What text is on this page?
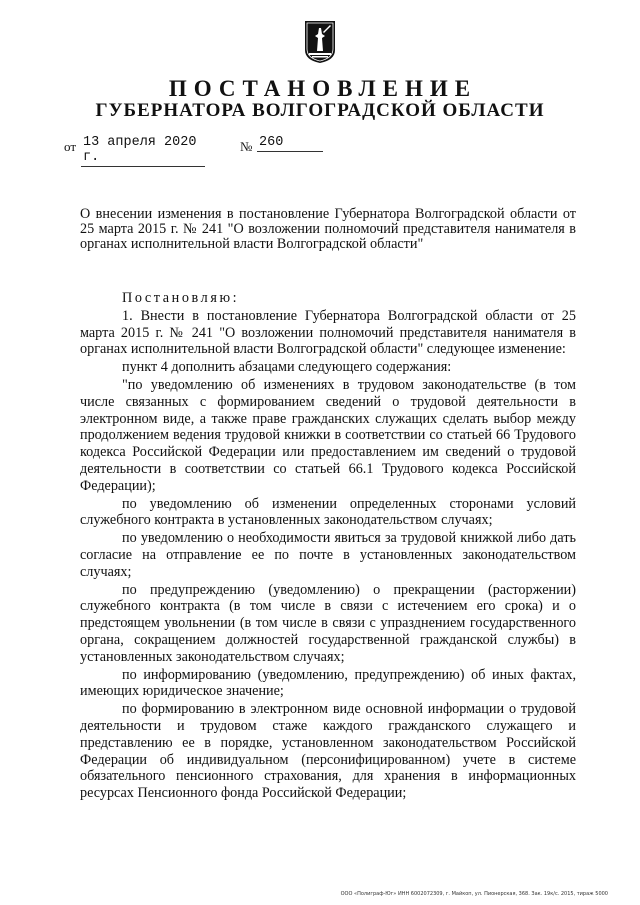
ПОСТАНОВЛЕНИЕ
ГУБЕРНАТОРА ВОЛГОГРАДСКОЙ ОБЛАСТИ
от 13 апреля 2020 г.
№ 260
О внесении изменения в постановление Губернатора Волгоградской области от 25 марта 2015 г. № 241 "О возложении полномочий представителя нанимателя в органах исполнительной власти Волгоградской области"
Постановляю:
1. Внести в постановление Губернатора Волгоградской области от 25 марта 2015 г. № 241 "О возложении полномочий представителя нанимателя в органах исполнительной власти Волгоградской области" следующее изменение:
пункт 4 дополнить абзацами следующего содержания:
"по уведомлению об изменениях в трудовом законодательстве (в том числе связанных с формированием сведений о трудовой деятельности в электронном виде, а также праве гражданских служащих сделать выбор между продолжением ведения трудовой книжки в соответствии со статьей 66 Трудового кодекса Российской Федерации или предоставлением им сведений о трудовой деятельности в соответствии со статьей 66.1 Трудового кодекса Российской Федерации);
по уведомлению об изменении определенных сторонами условий служебного контракта в установленных законодательством случаях;
по уведомлению о необходимости явиться за трудовой книжкой либо дать согласие на отправление ее по почте в установленных законодательством случаях;
по предупреждению (уведомлению) о прекращении (расторжении) служебного контракта (в том числе в связи с истечением его срока) и о предстоящем увольнении (в том числе в связи с упразднением государственного органа, сокращением должностей государственной гражданской службы) в установленных законодательством случаях;
по информированию (уведомлению, предупреждению) об иных фактах, имеющих юридическое значение;
по формированию в электронном виде основной информации о трудовой деятельности и трудовом стаже каждого гражданского служащего и представлению ее в порядке, установленном законодательством Российской Федерации об индивидуальном (персонифицированном) учете в системе обязательного пенсионного страхования, для хранения в информационных ресурсах Пенсионного фонда Российской Федерации;
ООО «Полиграф-Юг» ИНН 6002072309, г. Майкоп, ул. Пионерская, 368. Зак. 19к/с. 2015, тираж 5000
